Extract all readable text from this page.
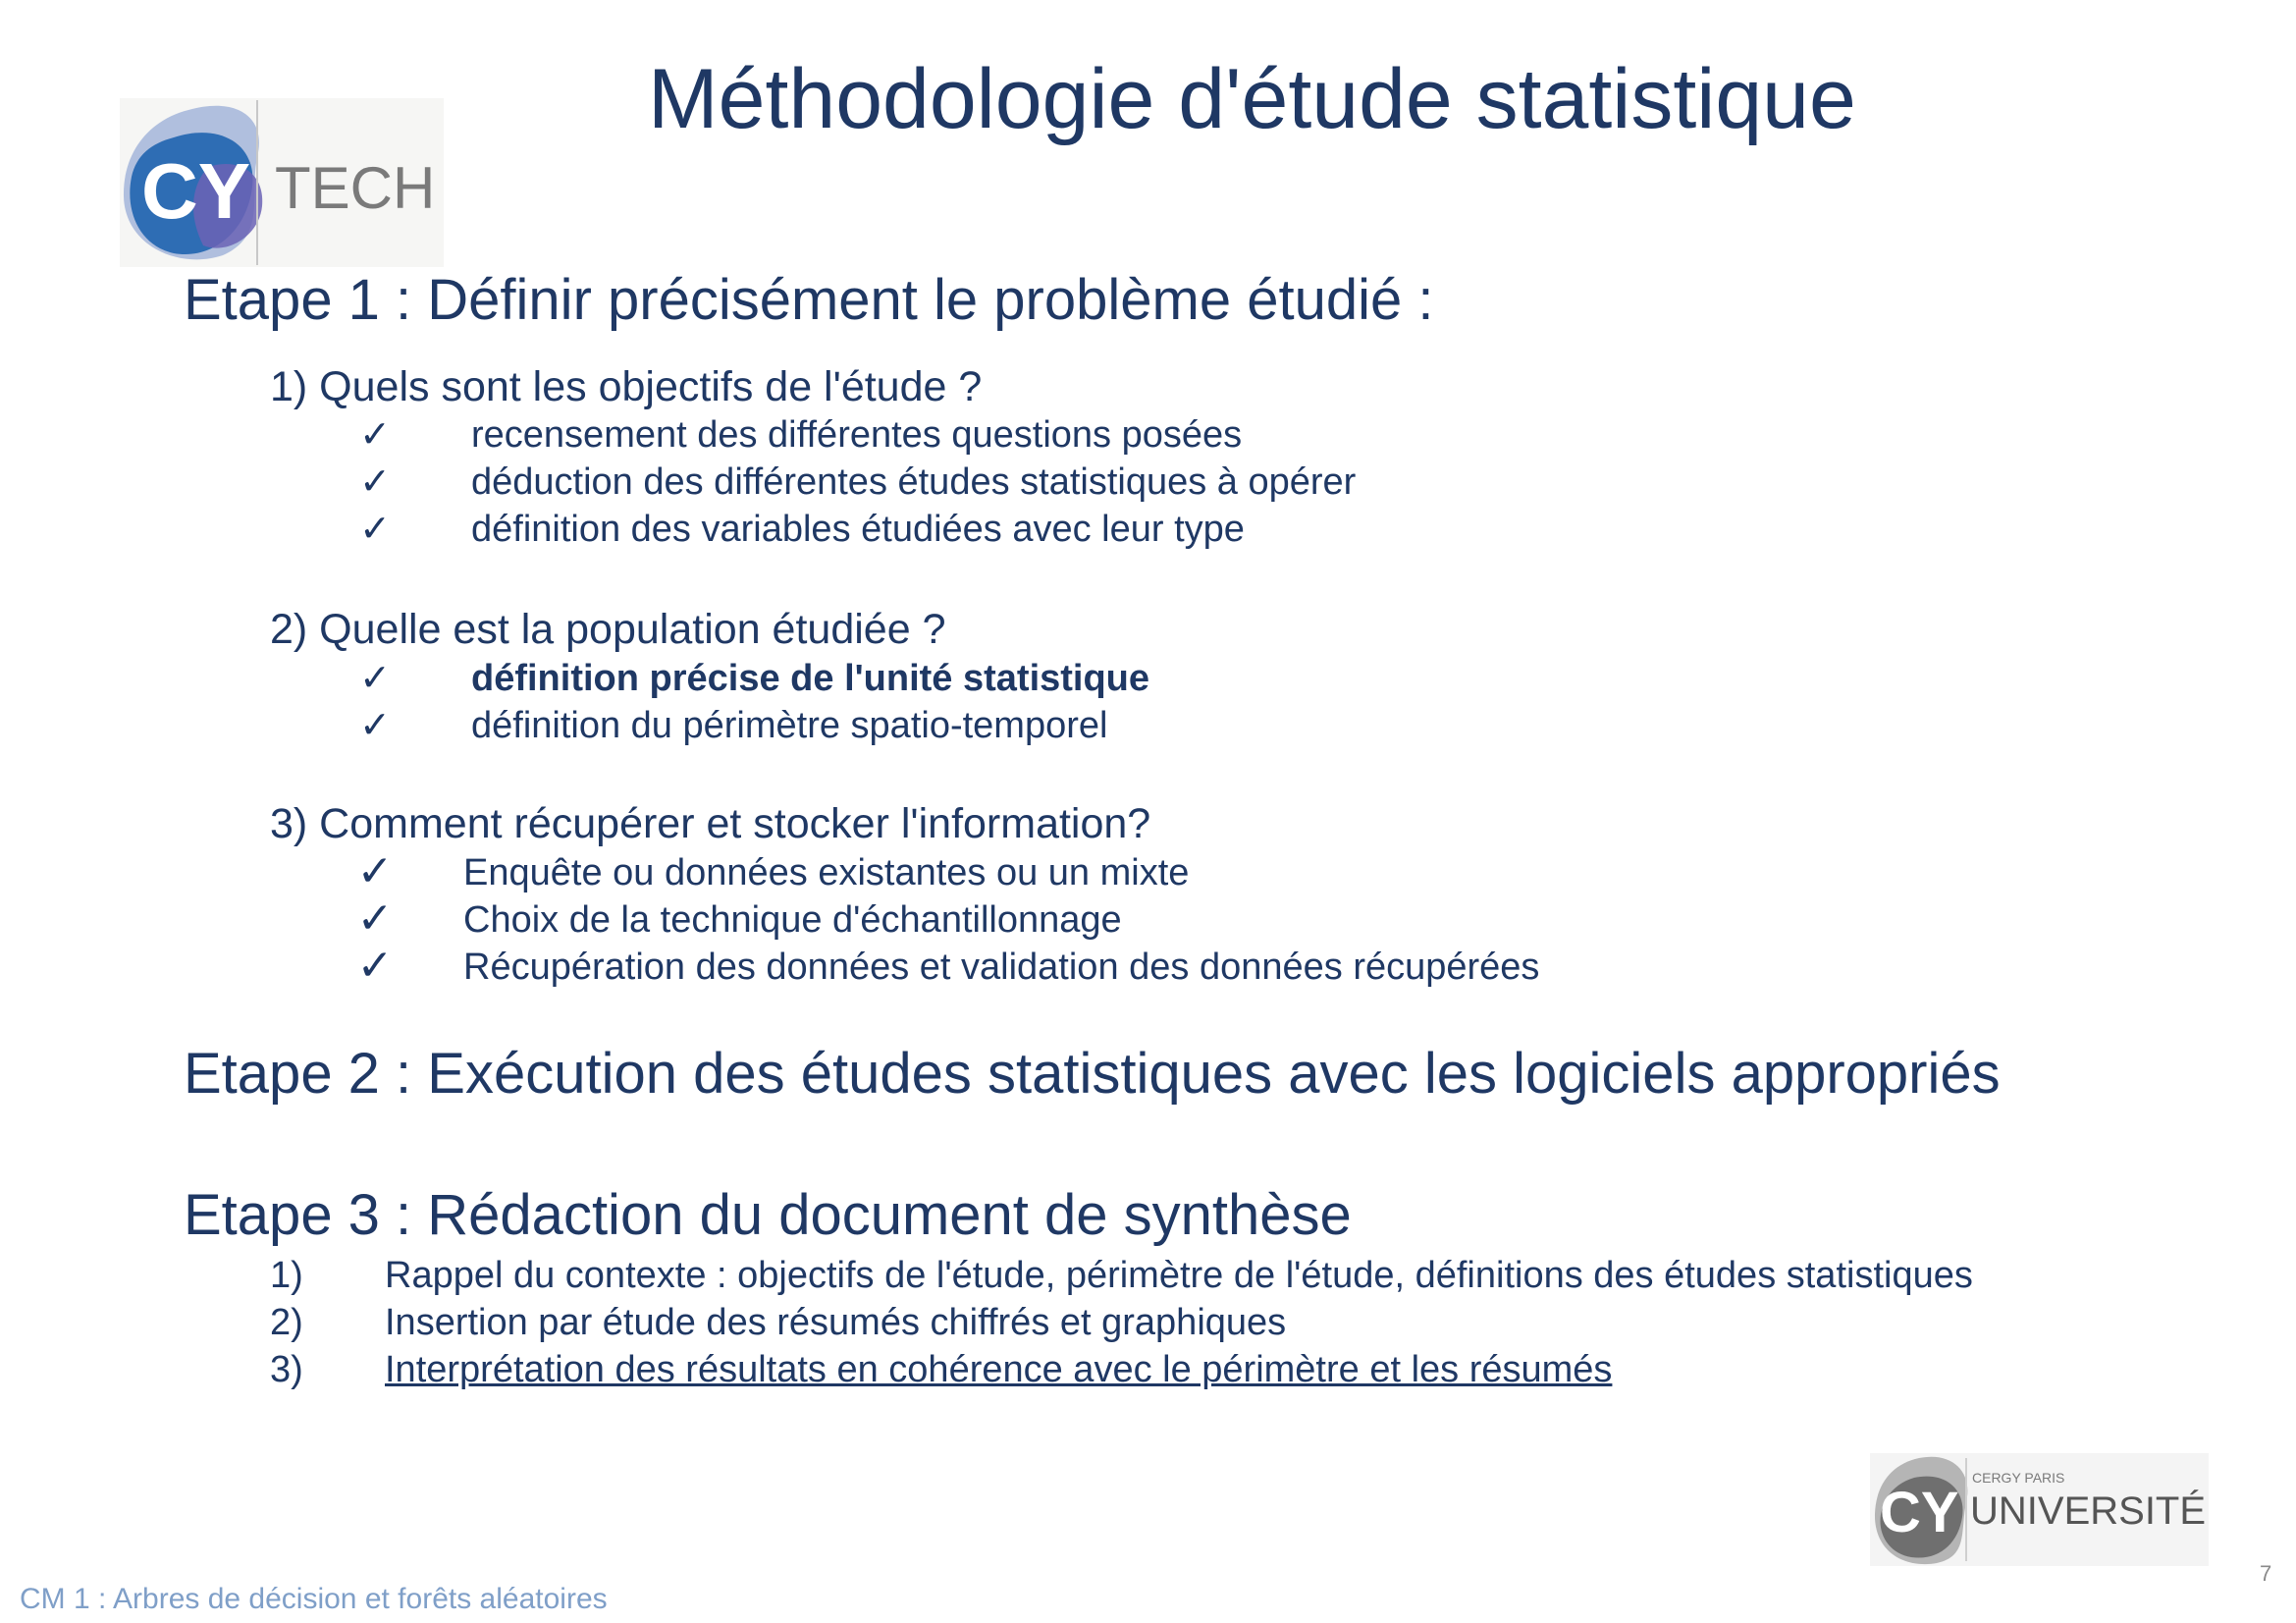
Méthodologie d'étude statistique
CY TECH
Etape 1 : Définir précisément le problème étudié :
1) Quels sont les objectifs de l'étude ?
✓ recensement des différentes questions posées
✓ déduction des différentes études statistiques à opérer
✓ définition des variables étudiées avec leur type
2) Quelle est la population étudiée ?
✓ définition précise de l'unité statistique
✓ définition du périmètre spatio-temporel
3) Comment récupérer et stocker l'information?
✓ Enquête ou données existantes ou un mixte
✓ Choix de la technique d'échantillonnage
✓ Récupération des données et validation des données récupérées
Etape 2 : Exécution des études statistiques avec les logiciels appropriés
Etape 3 : Rédaction du document de synthèse
1) Rappel du contexte : objectifs de l'étude, périmètre de l'étude, définitions des études statistiques
2) Insertion par étude des résumés chiffrés et graphiques
3) Interprétation des résultats en cohérence avec le périmètre et les résumés
CY
CERGY PARIS
UNIVERSITÉ
CM 1 : Arbres de décision et forêts aléatoires
7
